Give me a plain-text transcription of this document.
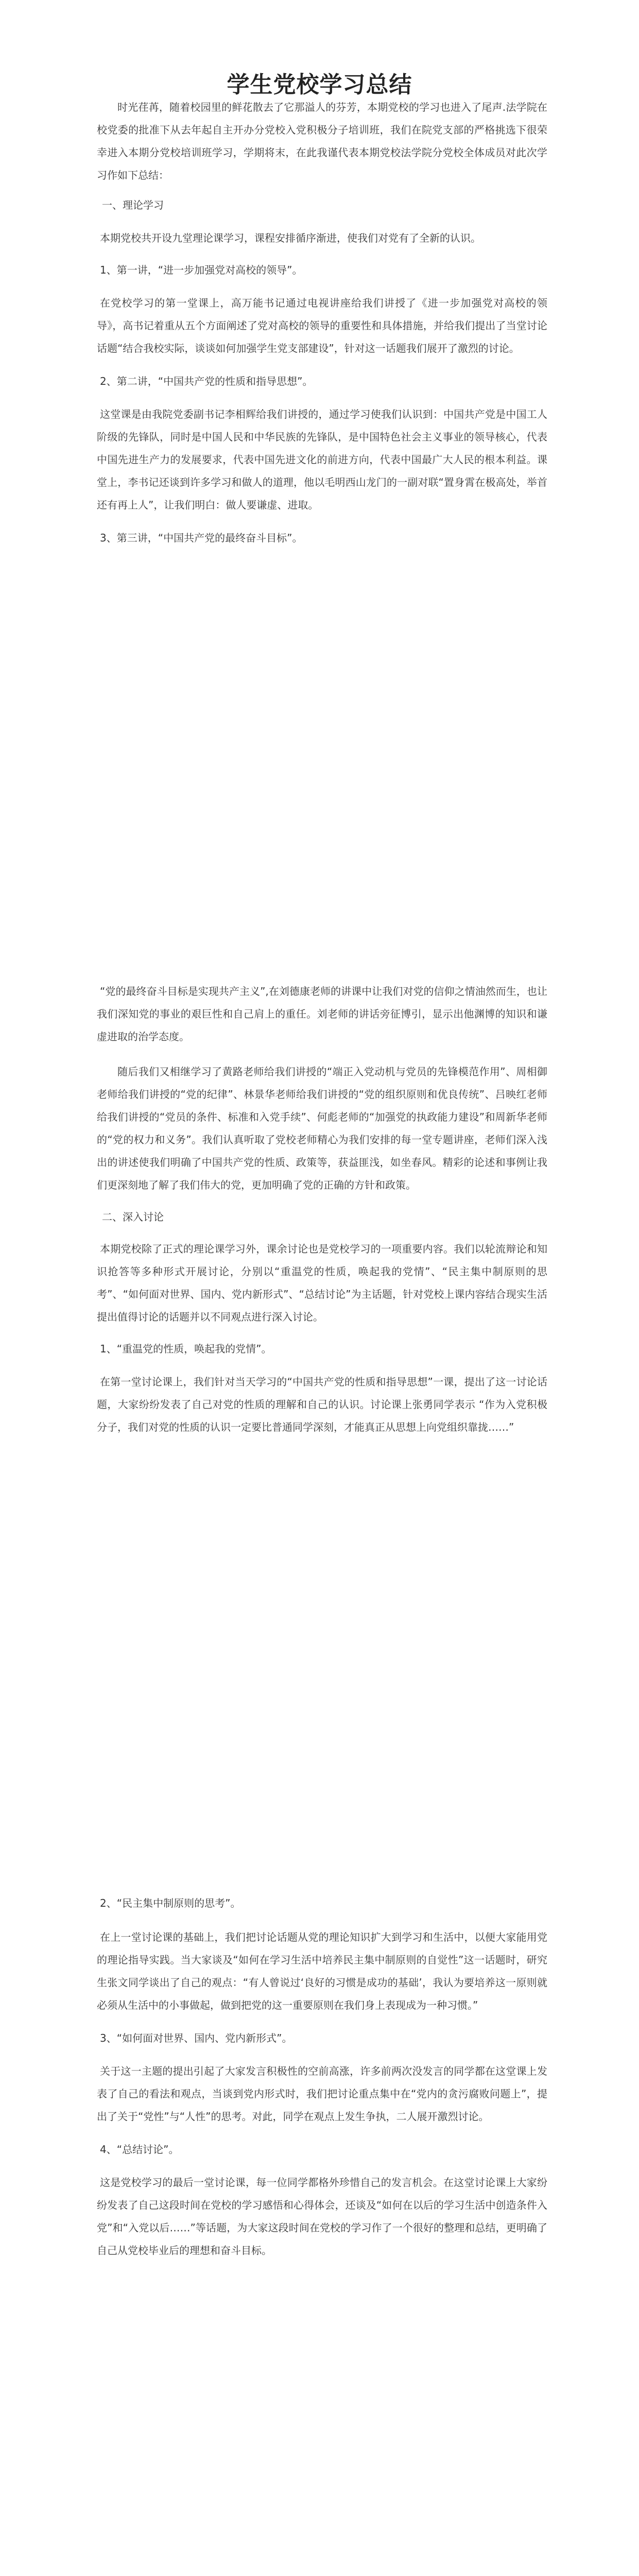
学生党校学习总结

时光荏苒，随着校园里的鲜花散去了它那溢人的芬芳，本期党校的学习也进入了尾声.法学院在校党委的批准下从去年起自主开办分党校入党积极分子培训班，我们在院党支部的严格挑选下很荣幸进入本期分党校培训班学习，学期将末，在此我谨代表本期党校法学院分党校全体成员对此次学习作如下总结：

一、理论学习

本期党校共开设九堂理论课学习，课程安排循序渐进，使我们对党有了全新的认识。

1、第一讲，“进一步加强党对高校的领导”。

在党校学习的第一堂课上，高万能书记通过电视讲座给我们讲授了《进一步加强党对高校的领导》，高书记着重从五个方面阐述了党对高校的领导的重要性和具体措施，并给我们提出了当堂讨论话题“结合我校实际，谈谈如何加强学生党支部建设”，针对这一话题我们展开了激烈的讨论。

2、第二讲，“中国共产党的性质和指导思想”。

这堂课是由我院党委副书记李相辉给我们讲授的，通过学习使我们认识到：中国共产党是中国工人阶级的先锋队，同时是中国人民和中华民族的先锋队，是中国特色社会主义事业的领导核心，代表中国先进生产力的发展要求，代表中国先进文化的前进方向，代表中国最广大人民的根本利益。课堂上，李书记还谈到许多学习和做人的道理，他以毛明西山龙门的一副对联“置身霄在极高处，举首还有再上人”，让我们明白：做人要谦虚、进取。

3、第三讲，“中国共产党的最终奋斗目标”。

“党的最终奋斗目标是实现共产主义”,在刘德康老师的讲课中让我们对党的信仰之情油然而生，也让我们深知党的事业的艰巨性和自己肩上的重任。刘老师的讲话旁征博引，显示出他渊博的知识和谦虚进取的治学态度。

随后我们又相继学习了黄路老师给我们讲授的“端正入党动机与党员的先锋模范作用”、周相御老师给我们讲授的“党的纪律”、林景华老师给我们讲授的“党的组织原则和优良传统”、吕映红老师给我们讲授的“党员的条件、标准和入党手续”、何彪老师的“加强党的执政能力建设”和周新华老师的“党的权力和义务”。我们认真听取了党校老师精心为我们安排的每一堂专题讲座，老师们深入浅出的讲述使我们明确了中国共产党的性质、政策等，获益匪浅，如坐春风。精彩的论述和事例让我们更深刻地了解了我们伟大的党，更加明确了党的正确的方针和政策。

二、深入讨论

本期党校除了正式的理论课学习外，课余讨论也是党校学习的一项重要内容。我们以轮流辩论和知识抢答等多种形式开展讨论，分别以“重温党的性质，唤起我的党情”、“民主集中制原则的思考”、“如何面对世界、国内、党内新形式”、“总结讨论”为主话题，针对党校上课内容结合现实生活提出值得讨论的话题并以不同观点进行深入讨论。

1、“重温党的性质，唤起我的党情”。

在第一堂讨论课上，我们针对当天学习的“中国共产党的性质和指导思想”一课，提出了这一讨论话题，大家纷纷发表了自己对党的性质的理解和自己的认识。讨论课上张勇同学表示 “作为入党积极分子，我们对党的性质的认识一定要比普通同学深刻，才能真正从思想上向党组织靠拢……”

2、“民主集中制原则的思考”。

在上一堂讨论课的基础上，我们把讨论话题从党的理论知识扩大到学习和生活中，以便大家能用党的理论指导实践。当大家谈及“如何在学习生活中培养民主集中制原则的自觉性”这一话题时，研究生张文同学谈出了自己的观点：“有人曾说过‘良好的习惯是成功的基础’，我认为要培养这一原则就必须从生活中的小事做起，做到把党的这一重要原则在我们身上表现成为一种习惯。”

3、“如何面对世界、国内、党内新形式”。

关于这一主题的提出引起了大家发言积极性的空前高涨，许多前两次没发言的同学都在这堂课上发表了自己的看法和观点，当谈到党内形式时，我们把讨论重点集中在“党内的贪污腐败问题上”，提出了关于“党性”与“人性”的思考。对此，同学在观点上发生争执，二人展开激烈讨论。

4、“总结讨论”。

这是党校学习的最后一堂讨论课，每一位同学都格外珍惜自己的发言机会。在这堂讨论课上大家纷纷发表了自己这段时间在党校的学习感悟和心得体会，还谈及“如何在以后的学习生活中创造条件入党”和“入党以后……”等话题，为大家这段时间在党校的学习作了一个很好的整理和总结，更明确了自己从党校毕业后的理想和奋斗目标。
